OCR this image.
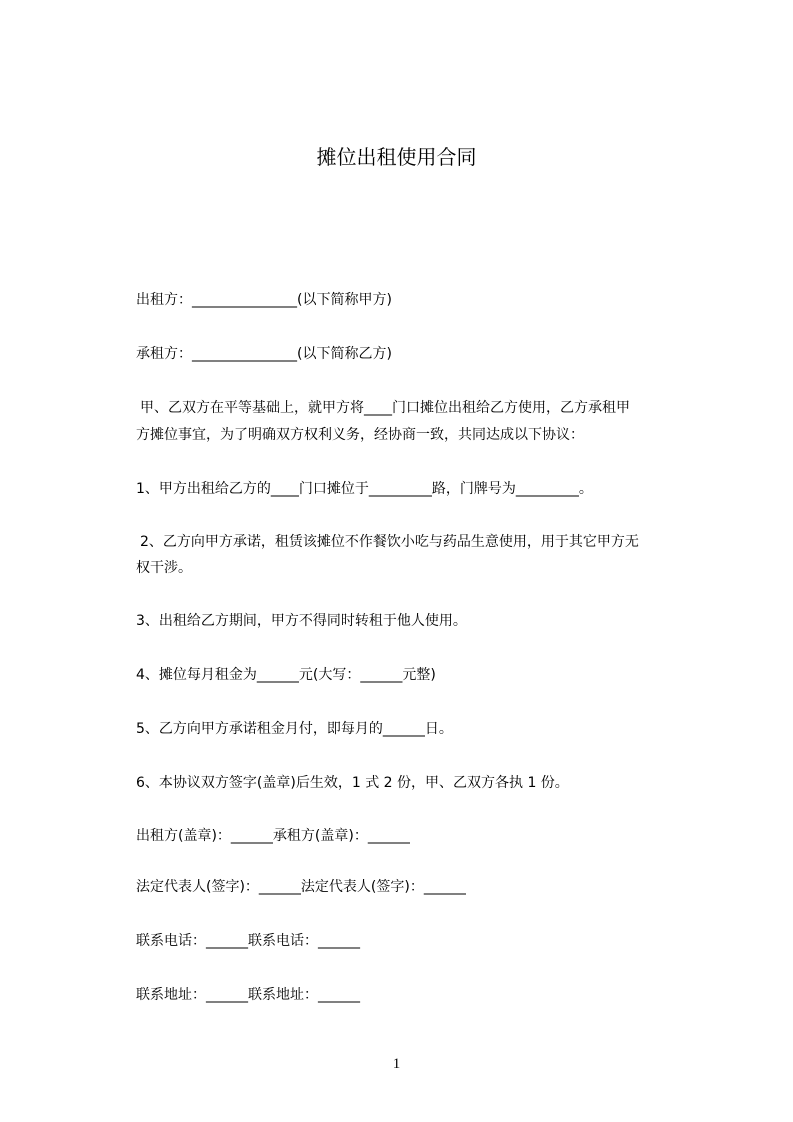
摊位出租使用合同
出租方：_______________(以下简称甲方)
承租方：_______________(以下简称乙方)
甲、乙双方在平等基础上，就甲方将____门口摊位出租给乙方使用，乙方承租甲
方摊位事宜，为了明确双方权利义务，经协商一致，共同达成以下协议：
1、甲方出租给乙方的____门口摊位于_________路，门牌号为_________。
2、乙方向甲方承诺，租赁该摊位不作餐饮小吃与药品生意使用，用于其它甲方无
权干涉。
3、出租给乙方期间，甲方不得同时转租于他人使用。
4、摊位每月租金为______元(大写：______元整)
5、乙方向甲方承诺租金月付，即每月的______日。
6、本协议双方签字(盖章)后生效，1 式 2 份，甲、乙双方各执 1 份。
出租方(盖章)：______承租方(盖章)：______
法定代表人(签字)：______法定代表人(签字)：______
联系电话：______联系电话：______
联系地址：______联系地址：______
1
